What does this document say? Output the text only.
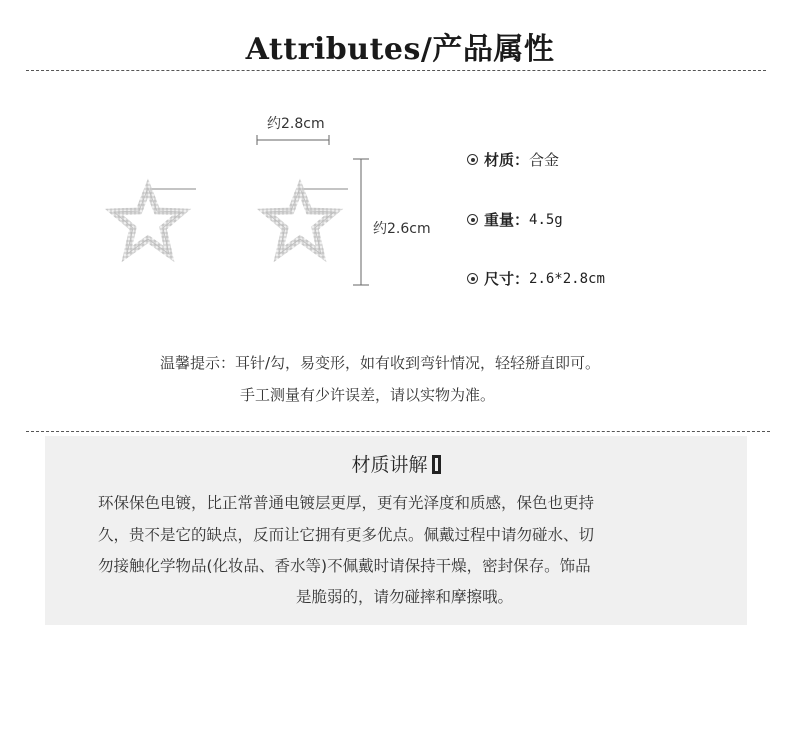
Attributes/产品属性
约2.8cm
约2.6cm
材质： 合金
重量： 4.5g
尺寸： 2.6*2.8cm
温馨提示：耳针/勾，易变形，如有收到弯针情况，轻轻掰直即可。
手工测量有少许误差，请以实物为准。
材质讲解
环保保色电镀，比正常普通电镀层更厚，更有光泽度和质感，保色也更持
久，贵不是它的缺点，反而让它拥有更多优点。佩戴过程中请勿碰水、切
勿接触化学物品(化妆品、香水等)不佩戴时请保持干燥，密封保存。饰品
是脆弱的，请勿碰摔和摩擦哦。
